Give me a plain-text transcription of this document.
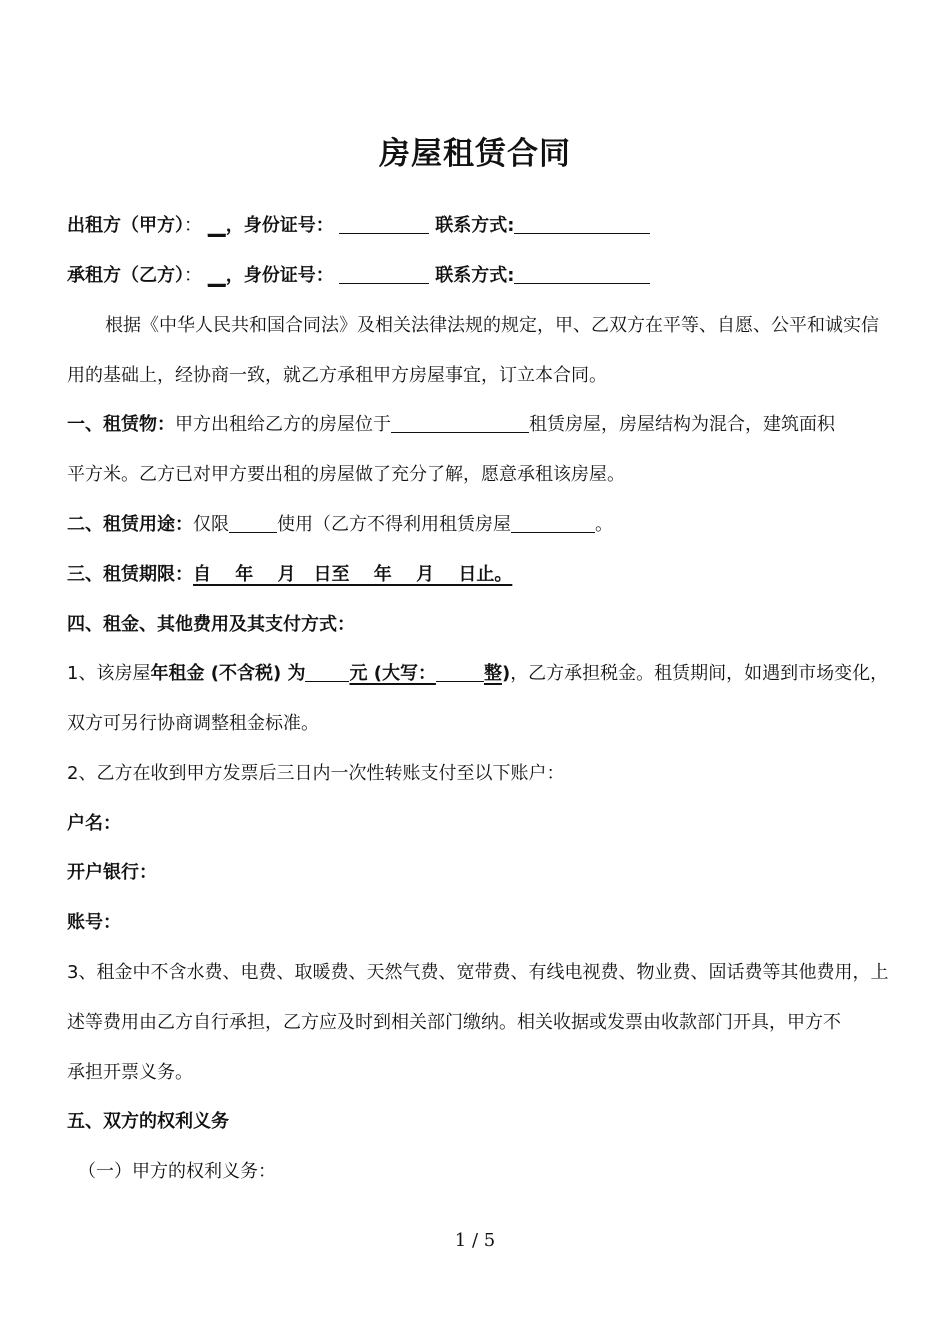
房屋租赁合同
出租方（甲方）： __，身份证号：	联系方式:
承租方（乙方）： __，身份证号：	联系方式:
根据《中华人民共和国合同法》及相关法律法规的规定，甲、乙双方在平等、自愿、公平和诚实信
用的基础上，经协商一致，就乙方承租甲方房屋事宜，订立本合同。
一、租赁物：甲方出租给乙方的房屋位于	租赁房屋，房屋结构为混合，建筑面积
平方米。乙方已对甲方要出租的房屋做了充分了解，愿意承租该房屋。
二、租赁用途：仅限	使用（乙方不得利用租赁房屋	。
三、租赁期限：自　 年　 月　日至　 年　 月　 日止。
四、租金、其他费用及其支付方式：
1、该房屋年租金 (不含税) 为 元 (大写：	整)，乙方承担税金。租赁期间，如遇到市场变化，
双方可另行协商调整租金标准。
2、乙方在收到甲方发票后三日内一次性转账支付至以下账户：
户名：
开户银行：
账号：
3、租金中不含水费、电费、取暖费、天然气费、宽带费、有线电视费、物业费、固话费等其他费用，上
述等费用由乙方自行承担，乙方应及时到相关部门缴纳。相关收据或发票由收款部门开具，甲方不
承担开票义务。
五、双方的权利义务
（一）甲方的权利义务：
1 / 5
